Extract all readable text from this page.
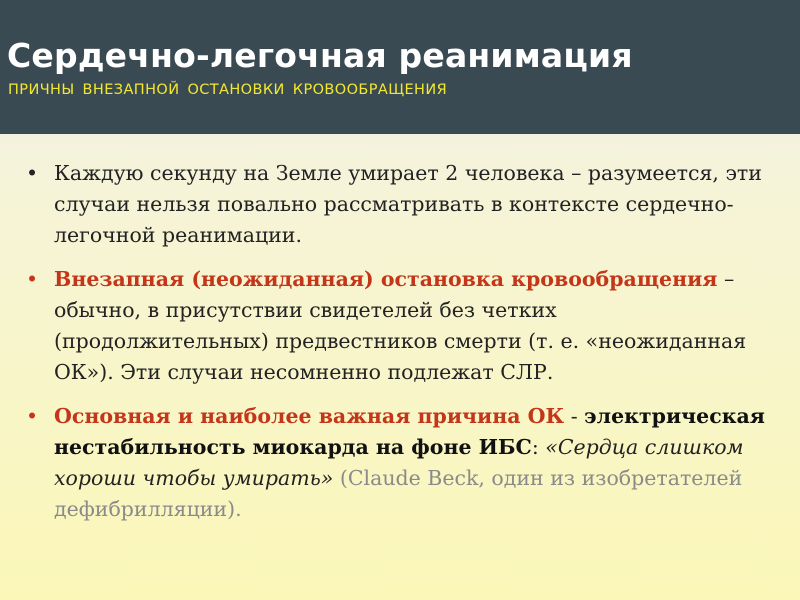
Сердечно-легочная реанимация
ПРИЧНЫ ВНЕЗАПНОЙ ОСТАНОВКИ КРОВООБРАЩЕНИЯ
• Каждую секунду на Земле умирает 2 человека – разумеется, эти случаи нельзя повально рассматривать в контексте сердечно-легочной реанимации.
• Внезапная (неожиданная) остановка кровообращения – обычно, в присутствии свидетелей без четких (продолжительных) предвестников смерти (т. е. «неожиданная ОК»). Эти случаи несомненно подлежат СЛР.
• Основная и наиболее важная причина ОК - электрическая нестабильность миокарда на фоне ИБС: «Сердца слишком хороши чтобы умирать» (Claude Beck, один из изобретателей дефибрилляции).
